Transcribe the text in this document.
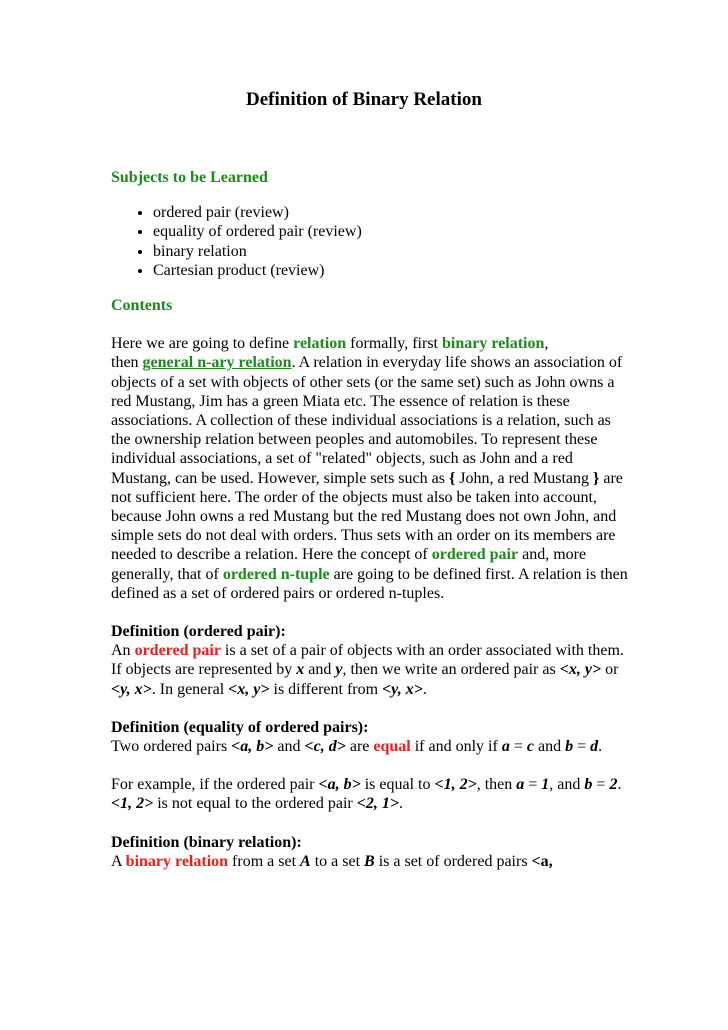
Definition of Binary Relation
Subjects to be Learned
• ordered pair (review)
• equality of ordered pair (review)
• binary relation
• Cartesian product (review)
Contents

Here we are going to define relation formally, first binary relation,
then general n-ary relation. A relation in everyday life shows an association of objects of a set with objects of other sets (or the same set) such as John owns a red Mustang, Jim has a green Miata etc. The essence of relation is these associations. A collection of these individual associations is a relation, such as the ownership relation between peoples and automobiles. To represent these individual associations, a set of "related" objects, such as John and a red Mustang, can be used. However, simple sets such as { John, a red Mustang } are not sufficient here. The order of the objects must also be taken into account, because John owns a red Mustang but the red Mustang does not own John, and simple sets do not deal with orders. Thus sets with an order on its members are needed to describe a relation. Here the concept of ordered pair and, more generally, that of ordered n-tuple are going to be defined first. A relation is then defined as a set of ordered pairs or ordered n-tuples.

Definition (ordered pair):

An ordered pair is a set of a pair of objects with an order associated with them.

If objects are represented by x and y, then we write an ordered pair as <x, y> or <y, x>. In general <x, y> is different from <y, x>.

Definition (equality of ordered pairs):

Two ordered pairs <a, b> and <c, d> are equal if and only if a = c and b = d.

For example, if the ordered pair <a, b> is equal to <1, 2>, then a = 1, and b = 2. <1, 2> is not equal to the ordered pair <2, 1>.

Definition (binary relation):

A binary relation from a set A to a set B is a set of ordered pairs <a,
